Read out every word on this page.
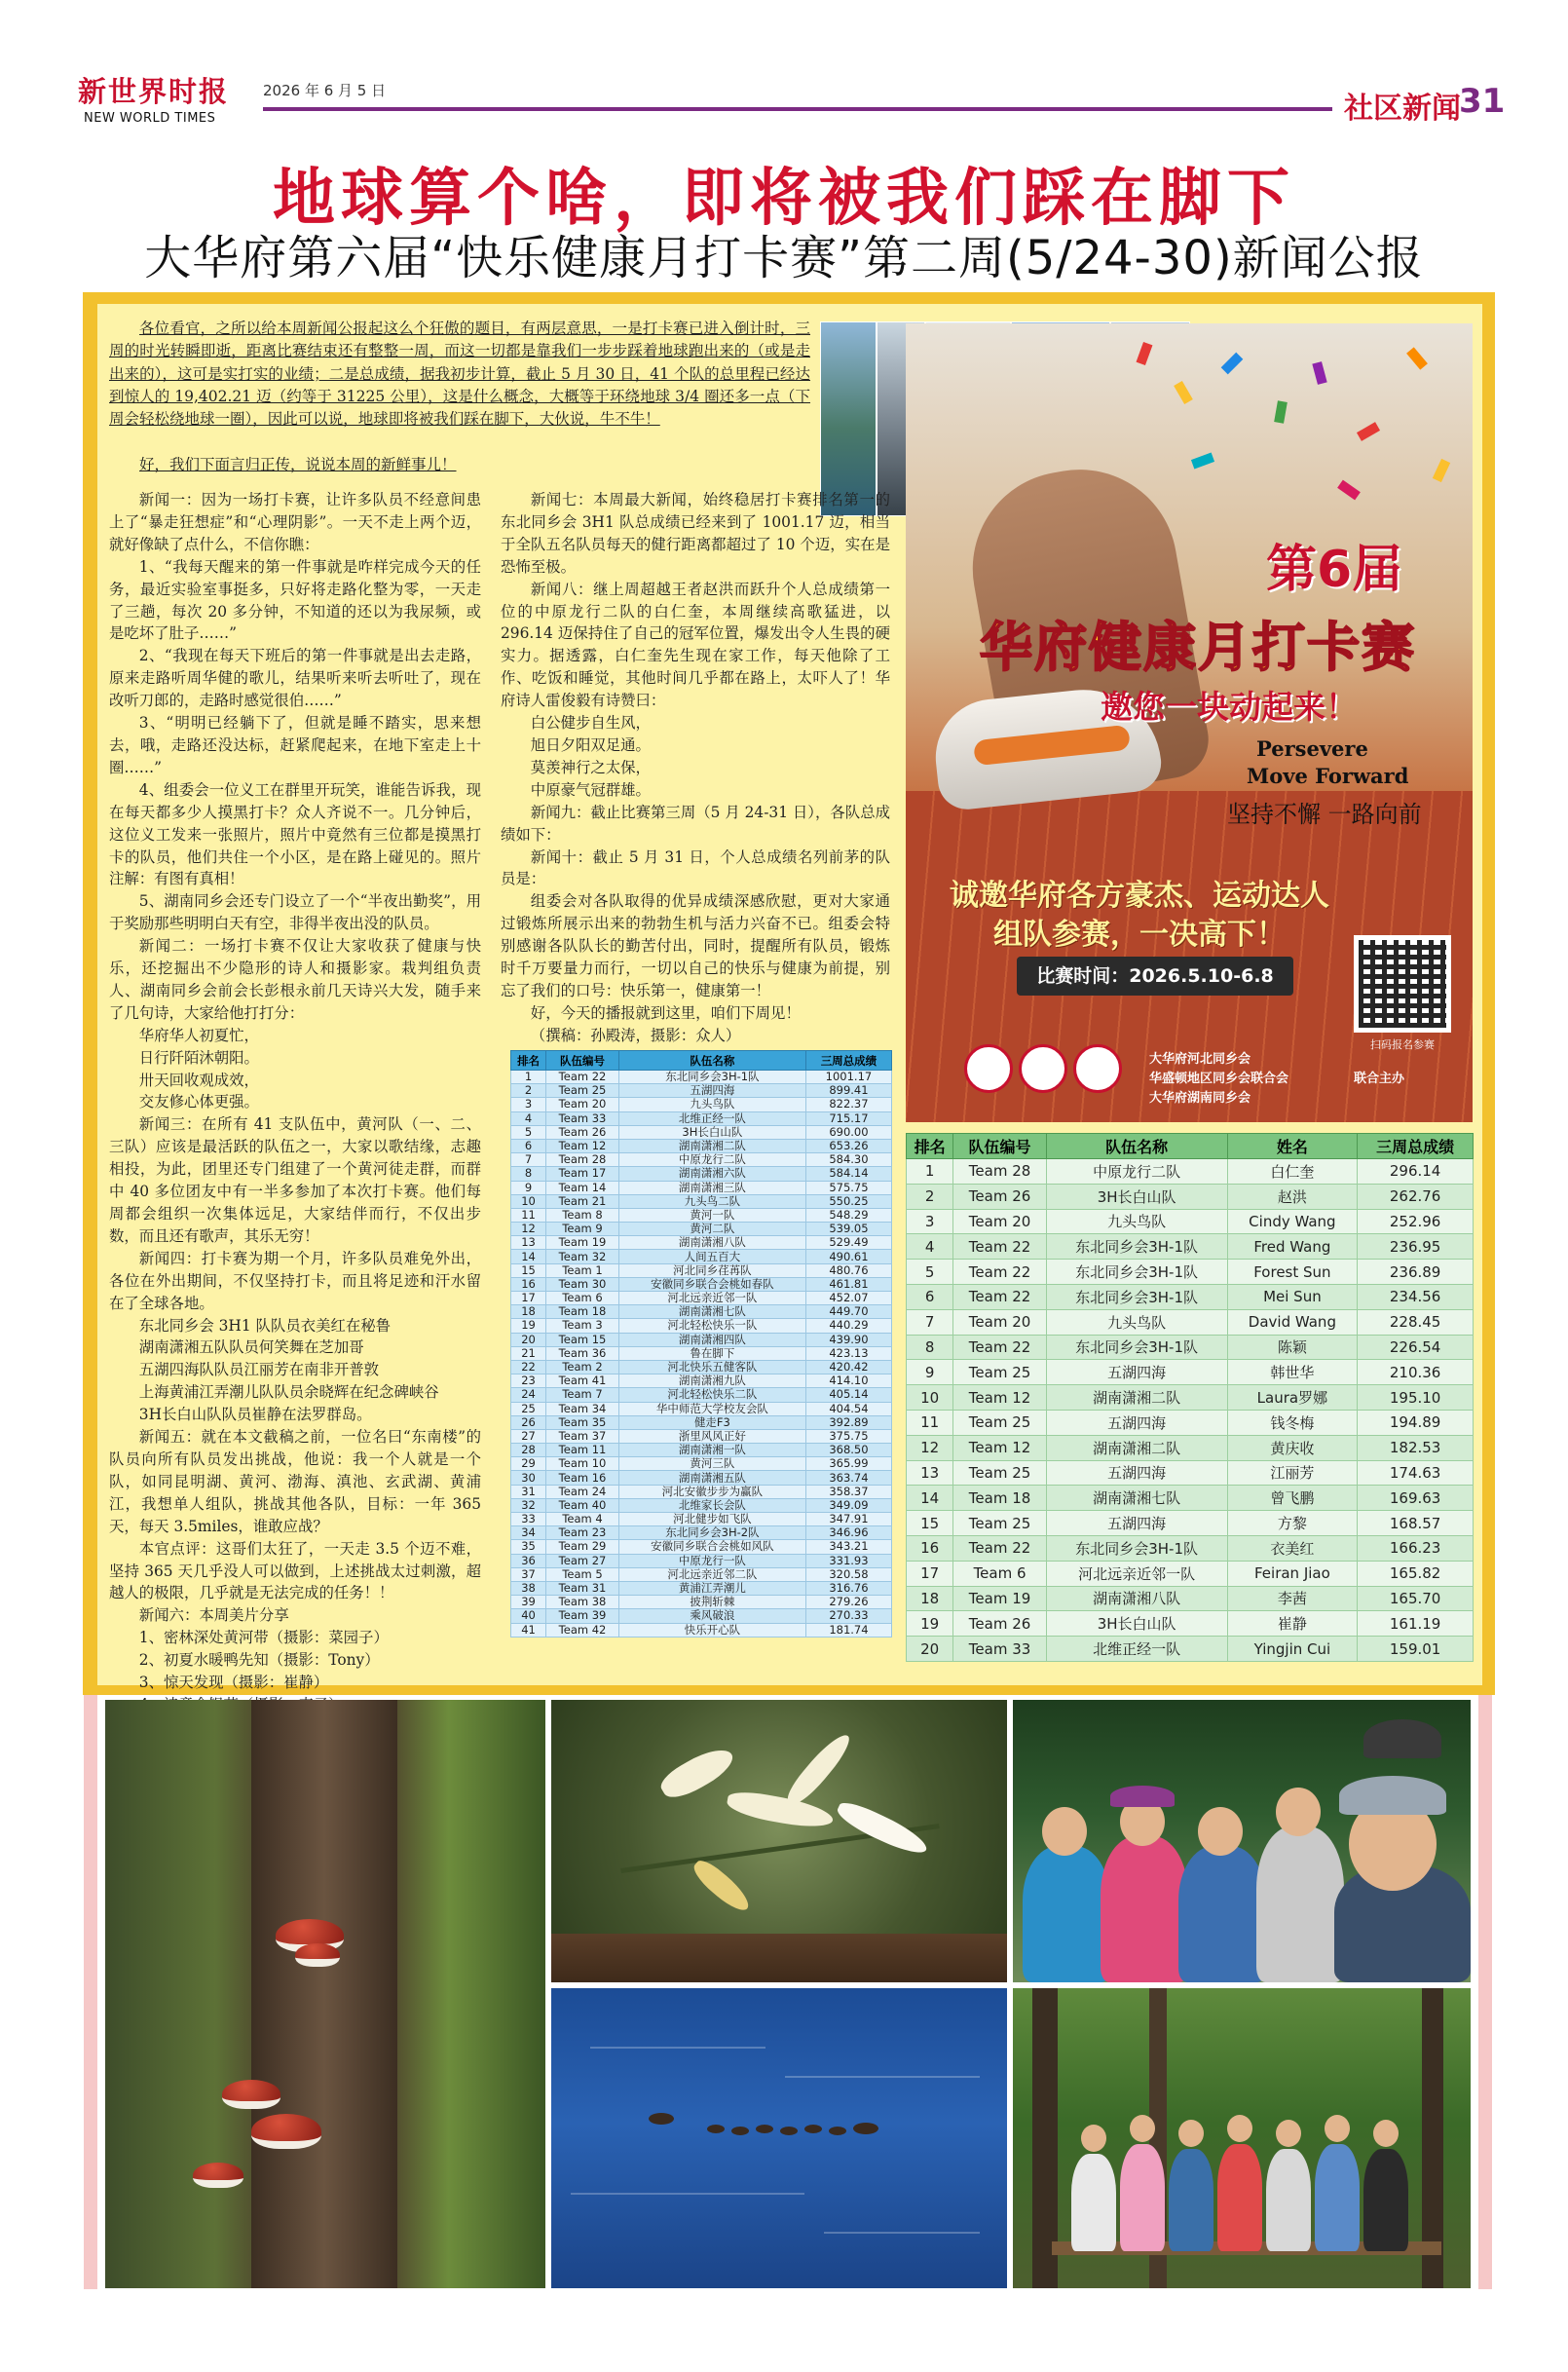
新世界时报 2026 年 6 月 5 日
NEW WORLD TIMES	社区新闻
31
地球算个啥，即将被我们踩在脚下
大华府第六届“快乐健康月打卡赛”第二周(5/24-30)新闻公报
各位看官，之所以给本周新闻公报起这么个狂傲的题目，有两层意思，一是打卡赛已进入倒计时，三周的时光转瞬即逝，距离比赛结束还有整整一周，而这一切都是靠我们一步步踩着地球跑出来的（或是走出来的），这可是实打实的业绩；二是总成绩，据我初步计算，截止 5 月 30 日，41 个队的总里程已经达到惊人的 19,402.21 迈（约等于 31225 公里），这是什么概念，大概等于环绕地球 3/4 圈还多一点（下周会轻松绕地球一圈），因此可以说，地球即将被我们踩在脚下，大伙说，牛不牛！
好，我们下面言归正传，说说本周的新鲜事儿！

新闻一：因为一场打卡赛，让许多队员不经意间患上了“暴走狂想症”和“心理阴影”。一天不走上两个迈，就好像缺了点什么，不信你瞧：

1、“我每天醒来的第一件事就是咋样完成今天的任务，最近实验室事挺多，只好将走路化整为零，一天走了三趟，每次 20 多分钟，不知道的还以为我尿频，或是吃坏了肚子……”

2、“我现在每天下班后的第一件事就是出去走路，原来走路听周华健的歌儿，结果听来听去听吐了，现在改听刀郎的，走路时感觉很伯……”

3、“明明已经躺下了，但就是睡不踏实，思来想去，哦，走路还没达标，赶紧爬起来，在地下室走上十圈……”

4、组委会一位义工在群里开玩笑，谁能告诉我，现在每天都多少人摸黑打卡？众人齐说不一。几分钟后，这位义工发来一张照片，照片中竟然有三位都是摸黑打卡的队员，他们共住一个小区，是在路上碰见的。照片注解：有图有真相！

5、湖南同乡会还专门设立了一个“半夜出勤奖”，用于奖励那些明明白天有空，非得半夜出没的队员。

新闻二：一场打卡赛不仅让大家收获了健康与快乐，还挖掘出不少隐形的诗人和摄影家。栽判组负责人、湖南同乡会前会长彭根永前几天诗兴大发，随手来了几句诗，大家给他打打分：

华府华人初夏忙，

日行阡陌沐朝阳。

卅天回收观成效，

交友修心体更强。

新闻三：在所有 41 支队伍中，黄河队（一、二、三队）应该是最活跃的队伍之一，大家以歌结缘，志趣相投，为此，团里还专门组建了一个黄河徒走群，而群中 40 多位团友中有一半多参加了本次打卡赛。他们每周都会组织一次集体远足，大家结伴而行，不仅出步数，而且还有歌声，其乐无穷！

新闻四：打卡赛为期一个月，许多队员难免外出，各位在外出期间，不仅坚持打卡，而且将足迹和汗水留在了全球各地。

东北同乡会 3H1 队队员衣美红在秘鲁

湖南潇湘五队队员何笑舞在芝加哥

五湖四海队队员江丽芳在南非开普敦

上海黄浦江弄潮儿队队员余晓辉在纪念碑峡谷

3H长白山队队员崔静在法罗群岛。

新闻五：就在本文截稿之前，一位名曰“东南楼”的队员向所有队员发出挑战，他说：我一个人就是一个队，如同昆明湖、黄河、渤海、滇池、玄武湖、黄浦江，我想单人组队，挑战其他各队，目标：一年 365 天，每天 3.5miles，谁敢应战？

本官点评：这哥们太狂了，一天走 3.5 个迈不难，坚持 365 天几乎没人可以做到，上述挑战太过刺激，超越人的极限，几乎就是无法完成的任务！！

新闻六：本周美片分享

1、密林深处黄河带（摄影：菜园子）

2、初夏水暖鸭先知（摄影：Tony）

3、惊天发现（摄影：崔静）

新闻七：本周最大新闻，始终稳居打卡赛排名第一的东北同乡会 3H1 队总成绩已经来到了 1001.17 迈，相当于全队五名队员每天的健行距离都超过了 10 个迈，实在是恐怖至极。

新闻八：继上周超越王者赵洪而跃升个人总成绩第一位的中原龙行二队的白仁奎，本周继续高歌猛进，以 296.14 迈保持住了自己的冠军位置，爆发出令人生畏的硬实力。据透露，白仁奎先生现在家工作，每天他除了工作、吃饭和睡觉，其他时间几乎都在路上，太吓人了！华府诗人雷俊毅有诗赞曰：

白公健步自生风，

旭日夕阳双足通。

莫羡神行之太保，

中原豪气冠群雄。

新闻九：截止比赛第三周（5 月 24-31 日），各队总成绩如下：

新闻十：截止 5 月 31 日，个人总成绩名列前茅的队员是：

组委会对各队取得的优异成绩深感欣慰，更对大家通过锻炼所展示出来的勃勃生机与活力兴奋不已。组委会特别感谢各队队长的勤苦付出，同时，提醒所有队员，锻炼时千万要量力而行，一切以自己的快乐与健康为前提，别忘了我们的口号：快乐第一，健康第一！

好，今天的播报就到这里，咱们下周见！

（撰稿：孙殿涛，摄影：众人）

第6届
华府健康月打卡赛
邀您一块动起来！
Persevere
Move Forward
坚持不懈 一路向前
诚邀华府各方豪杰、运动达人
组队参赛，一决高下！
比赛时间：2026.5.10-6.8
扫码报名参赛
大华府河北同乡会
华盛顿地区同乡会联合会
大华府湖南同乡会
联合主办
排名	队伍编号	队伍名称	三周总成绩
1	Team 22	东北同乡会3H-1队	1001.17
2	Team 25	五湖四海	899.41
3	Team 20	九头鸟队	822.37
4	Team 33	北维正经一队	715.17
5	Team 26	3H长白山队	690.00
6	Team 12	湖南潇湘二队	653.26
7	Team 28	中原龙行二队	584.30
8	Team 17	湖南潇湘六队	584.14
9	Team 14	湖南潇湘三队	575.75
10	Team 21	九头鸟二队	550.25
11	Team 8	黄河一队	548.29
12	Team 9	黄河二队	539.05
13	Team 19	湖南潇湘八队	529.49
14	Team 32	人间五百大	490.61
15	Team 1	河北同乡荏苒队	480.76
16	Team 30	安徽同乡联合会桃如春队	461.81
17	Team 6	河北远亲近邻一队	452.07
18	Team 18	湖南潇湘七队	449.70
19	Team 3	河北轻松快乐一队	440.29
20	Team 15	湖南潇湘四队	439.90
21	Team 36	鲁在脚下	423.13
22	Team 2	河北快乐五健客队	420.42
23	Team 41	湖南潇湘九队	414.10
24	Team 7	河北轻松快乐二队	405.14
25	Team 34	华中师范大学校友会队	404.54
26	Team 35	健走F3	392.89
27	Team 37	浙里风风正好	375.75
28	Team 11	湖南潇湘一队	368.50
29	Team 10	黄河三队	365.99
30	Team 16	湖南潇湘五队	363.74
31	Team 24	河北安徽步步为赢队	358.37
32	Team 40	北维家长会队	349.09
33	Team 4	河北健步如飞队	347.91
34	Team 23	东北同乡会3H-2队	346.96
35	Team 29	安徽同乡联合会桃如风队	343.21
36	Team 27	中原龙行一队	331.93
37	Team 5	河北远亲近邻二队	320.58
38	Team 31	黄浦江弄潮儿	316.76
39	Team 38	披荆斩棘	279.26
40	Team 39	乘风破浪	270.33
41	Team 42	快乐开心队	181.74
排名	队伍编号	队伍名称	姓名	三周总成绩
1	Team 28	中原龙行二队	白仁奎	296.14
2	Team 26	3H长白山队	赵洪	262.76
3	Team 20	九头鸟队	Cindy Wang	252.96
4	Team 22	东北同乡会3H-1队	Fred Wang	236.95
5	Team 22	东北同乡会3H-1队	Forest Sun	236.89
6	Team 22	东北同乡会3H-1队	Mei Sun	234.56
7	Team 20	九头鸟队	David Wang	228.45
8	Team 22	东北同乡会3H-1队	陈颖	226.54
9	Team 25	五湖四海	韩世华	210.36
10	Team 12	湖南潇湘二队	Laura罗娜	195.10
11	Team 25	五湖四海	钱冬梅	194.89
12	Team 12	湖南潇湘二队	黄庆收	182.53
13	Team 25	五湖四海	江丽芳	174.63
14	Team 18	湖南潇湘七队	曾飞鹏	169.63
15	Team 25	五湖四海	方黎	168.57
16	Team 22	东北同乡会3H-1队	衣美红	166.23
17	Team 6	河北远亲近邻一队	Feiran Jiao	165.82
18	Team 19	湖南潇湘八队	李茜	165.70
19	Team 26	3H长白山队	崔静	161.19
20	Team 33	北维正经一队	Yingjin Cui	159.01
